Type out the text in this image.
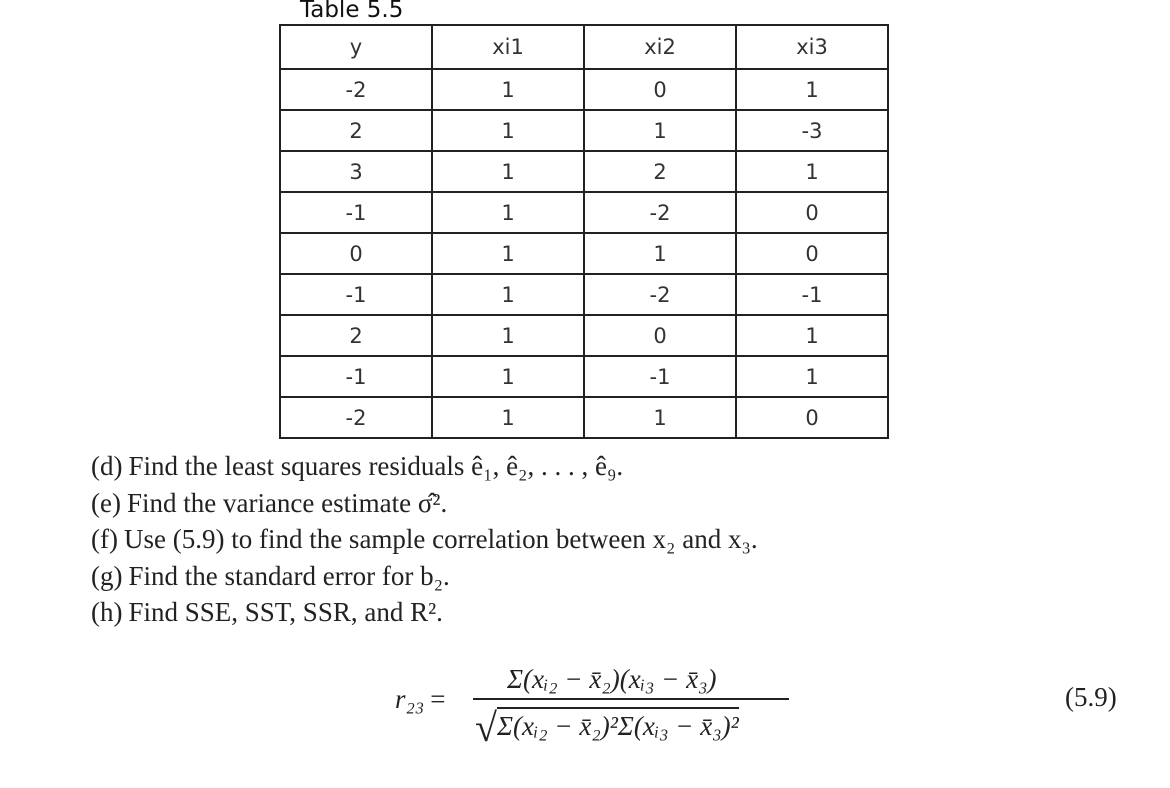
Table 5.5
y	xi1	xi2	xi3
-2	1	0	1
2	1	1	-3
3	1	2	1
-1	1	-2	0
0	1	1	0
-1	1	-2	-1
2	1	0	1
-1	1	-1	1
-2	1	1	0
(d) Find the least squares residuals ê₁, ê₂, . . . , ê₉.
(e) Find the variance estimate σ̂².
(f) Use (5.9) to find the sample correlation between x₂ and x₃.
(g) Find the standard error for b₂.
(h) Find SSE, SST, SSR, and R².
r₂₃ =
Σ(xᵢ₂ − x̄₂)(xᵢ₃ − x̄₃)
√Σ(xᵢ₂ − x̄₂)²Σ(xᵢ₃ − x̄₃)²
(5.9)
